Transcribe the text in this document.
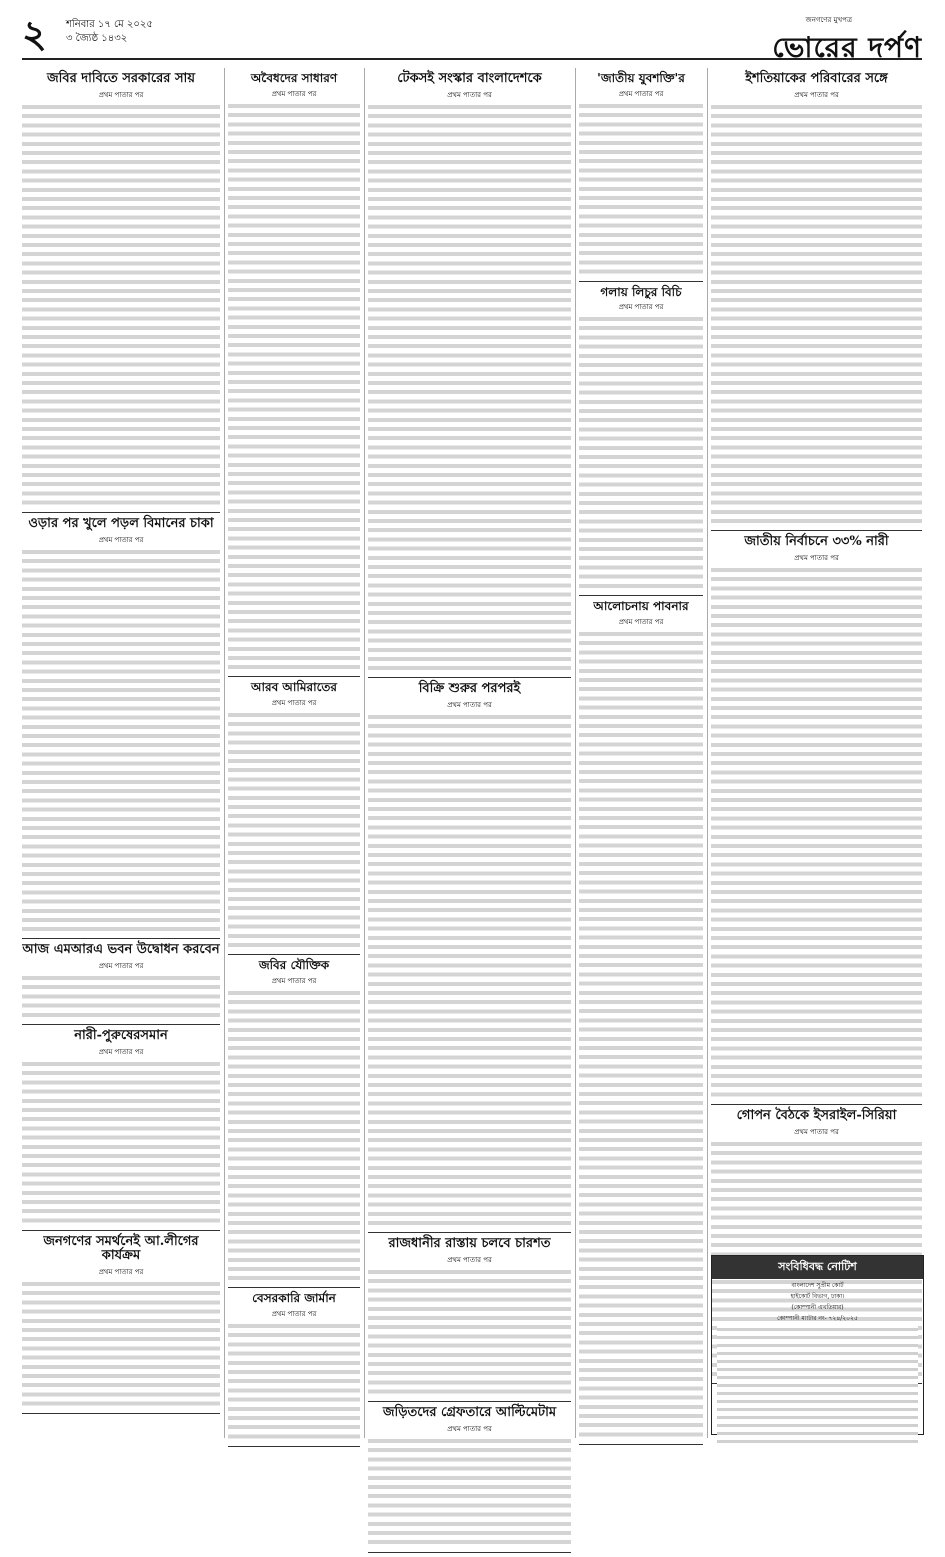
২ শনিবার ১৭ মে ২০২৫
৩ জ্যৈষ্ঠ ১৪৩২
জনগণের মুখপত্র
ভোরের দর্পণ
জবির দাবিতে সরকারের সায়
প্রথম পাতার পর
ওড়ার পর খুলে পড়ল বিমানের চাকা
প্রথম পাতার পর
আজ এমআরএ ভবন উদ্বোধন করবেন
প্রথম পাতার পর
নারী-পুরুষেরসমান
প্রথম পাতার পর
জনগণের সমর্থনেই আ.লীগের কার্যক্রম
প্রথম পাতার পর
অবৈধদের সাধারণ
প্রথম পাতার পর
আরব আমিরাতের
প্রথম পাতার পর
জবির যৌক্তিক
প্রথম পাতার পর
বেসরকারি জার্মান
প্রথম পাতার পর
টেকসই সংস্কার বাংলাদেশকে
প্রথম পাতার পর
বিক্রি শুরুর পরপরই
প্রথম পাতার পর
রাজধানীর রাস্তায় চলবে চারশত
প্রথম পাতার পর
জড়িতদের গ্রেফতারে আল্টিমেটাম
প্রথম পাতার পর
'জাতীয় যুবশক্তি'র
প্রথম পাতার পর
গলায় লিচুর বিচি
প্রথম পাতার পর
আলোচনায় পাবনার
প্রথম পাতার পর
ইশতিয়াকের পরিবারের সঙ্গে
প্রথম পাতার পর
জাতীয় নির্বাচনে ৩৩% নারী
প্রথম পাতার পর
গোপন বৈঠকে ইসরাইল-সিরিয়া
প্রথম পাতার পর
সংবিধিবদ্ধ নোটিশ
বাংলাদেশ সুপ্রীম কোর্ট
হাইকোর্ট বিভাগ, ঢাকা।
(কোম্পানী এখতিয়ার)
কোম্পানী ম্যাটার নং- ৭২৪/২০২৫
